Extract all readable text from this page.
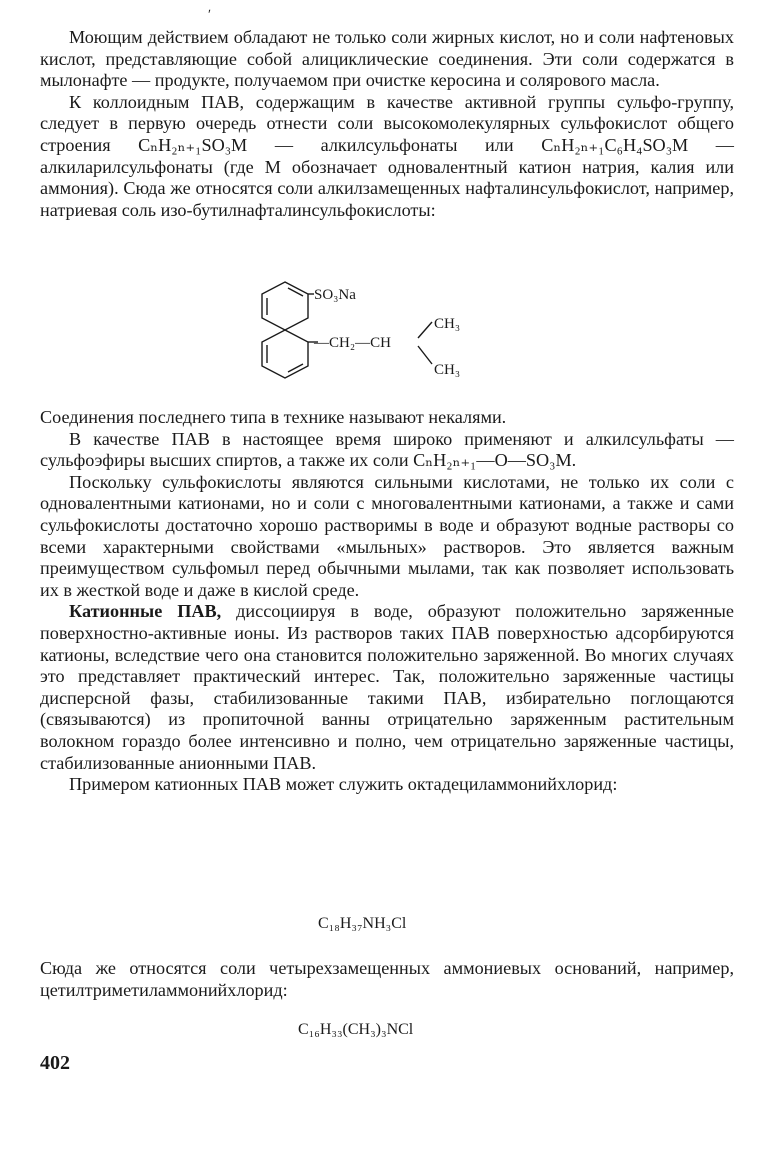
ʹ

Моющим действием обладают не только соли жирных кислот, но и соли нафтеновых кислот, представляющие собой алициклические соединения. Эти соли содержатся в мылонафте — продукте, получаемом при очистке керосина и солярового масла.

К коллоидным ПАВ, содержащим в качестве активной группы сульфо-группу, следует в первую очередь отнести соли высокомолекулярных сульфокислот общего строения CₙH₂ₙ₊₁SO₃M — алкилсульфонаты или CₙH₂ₙ₊₁C₆H₄SO₃M — алкиларилсульфонаты (где M обозначает одновалентный катион натрия, калия или аммония). Сюда же относятся соли алкилзамещенных нафталинсульфокислот, например, натриевая соль изо-бутилнафталинсульфокислоты:

SO₃Na
—CH₂—CH
CH₃
CH₃

Соединения последнего типа в технике называют некалями.

В качестве ПАВ в настоящее время широко применяют и алкилсульфаты — сульфоэфиры высших спиртов, а также их соли CₙH₂ₙ₊₁—O—SO₃M.

Поскольку сульфокислоты являются сильными кислотами, не только их соли с одновалентными катионами, но и соли с многовалентными катионами, а также и сами сульфокислоты достаточно хорошо растворимы в воде и образуют водные растворы со всеми характерными свойствами «мыльных» растворов. Это является важным преимуществом сульфомыл перед обычными мылами, так как позволяет использовать их в жесткой воде и даже в кислой среде.

Катионные ПАВ, диссоциируя в воде, образуют положительно заряженные поверхностно-активные ионы. Из растворов таких ПАВ поверхностью адсорбируются катионы, вследствие чего она становится положительно заряженной. Во многих случаях это представляет практический интерес. Так, положительно заряженные частицы дисперсной фазы, стабилизованные такими ПАВ, избирательно поглощаются (связываются) из пропиточной ванны отрицательно заряженным растительным волокном гораздо более интенсивно и полно, чем отрицательно заряженные частицы, стабилизованные анионными ПАВ.

Примером катионных ПАВ может служить октадециламмонийхлорид:

C₁₈H₃₇NH₃Cl

Сюда же относятся соли четырехзамещенных аммониевых оснований, например, цетилтриметиламмонийхлорид:

C₁₆H₃₃(CH₃)₃NCl
402
